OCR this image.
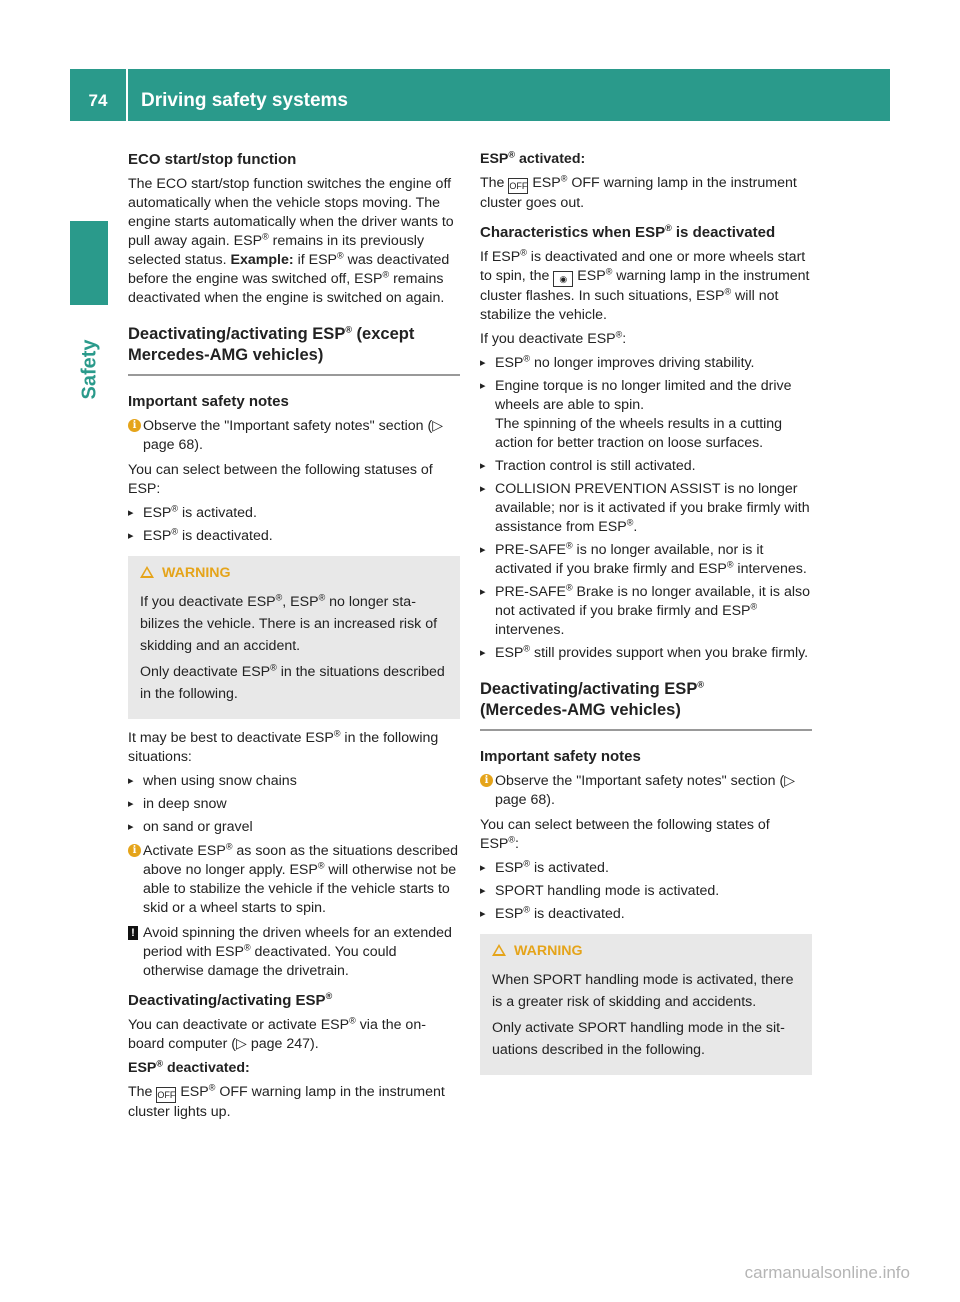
74	Driving safety systems
Safety
ECO start/stop function

The ECO start/stop function switches the engine off automatically when the vehicle stops moving. The engine starts automatically when the driver wants to pull away again. ESP® remains in its previously selected status. Example: if ESP® was deactivated before the engine was switched off, ESP® remains deactivated when the engine is switched on again.

Deactivating/activating ESP® (except Mercedes-AMG vehicles)
Important safety notes
i Observe the "Important safety notes" section (▷ page 68).

You can select between the following statuses of ESP:

▸ ESP® is activated.
▸ ESP® is deactivated.
WARNING

If you deactivate ESP®, ESP® no longer stabilizes the vehicle. There is an increased risk of skidding and an accident.

Only deactivate ESP® in the situations described in the following.

It may be best to deactivate ESP® in the following situations:

▸ when using snow chains
▸ in deep snow
▸ on sand or gravel
i Activate ESP® as soon as the situations described above no longer apply. ESP® will otherwise not be able to stabilize the vehicle if the vehicle starts to skid or a wheel starts to spin.
! Avoid spinning the driven wheels for an extended period with ESP® deactivated. You could otherwise damage the drivetrain.
Deactivating/activating ESP®

You can deactivate or activate ESP® via the on-board computer (▷ page 247).

ESP® deactivated:

The OFF ESP® OFF warning lamp in the instrument cluster lights up.

ESP® activated:

The OFF ESP® OFF warning lamp in the instrument cluster goes out.

Characteristics when ESP® is deactivated

If ESP® is deactivated and one or more wheels start to spin, the ◉ ESP® warning lamp in the instrument cluster flashes. In such situations, ESP® will not stabilize the vehicle.

If you deactivate ESP®:

▸ ESP® no longer improves driving stability.
▸ Engine torque is no longer limited and the drive wheels are able to spin.
The spinning of the wheels results in a cutting action for better traction on loose surfaces.
▸ Traction control is still activated.
▸ COLLISION PREVENTION ASSIST is no longer available; nor is it activated if you brake firmly with assistance from ESP®.
▸ PRE-SAFE® is no longer available, nor is it activated if you brake firmly and ESP® intervenes.
▸ PRE-SAFE® Brake is no longer available, it is also not activated if you brake firmly and ESP® intervenes.
▸ ESP® still provides support when you brake firmly.
Deactivating/activating ESP®
(Mercedes-AMG vehicles)
Important safety notes
i Observe the "Important safety notes" section (▷ page 68).

You can select between the following states of ESP®:

▸ ESP® is activated.
▸ SPORT handling mode is activated.
▸ ESP® is deactivated.
WARNING

When SPORT handling mode is activated, there is a greater risk of skidding and accidents.

Only activate SPORT handling mode in the situations described in the following.

carmanualsonline.info
